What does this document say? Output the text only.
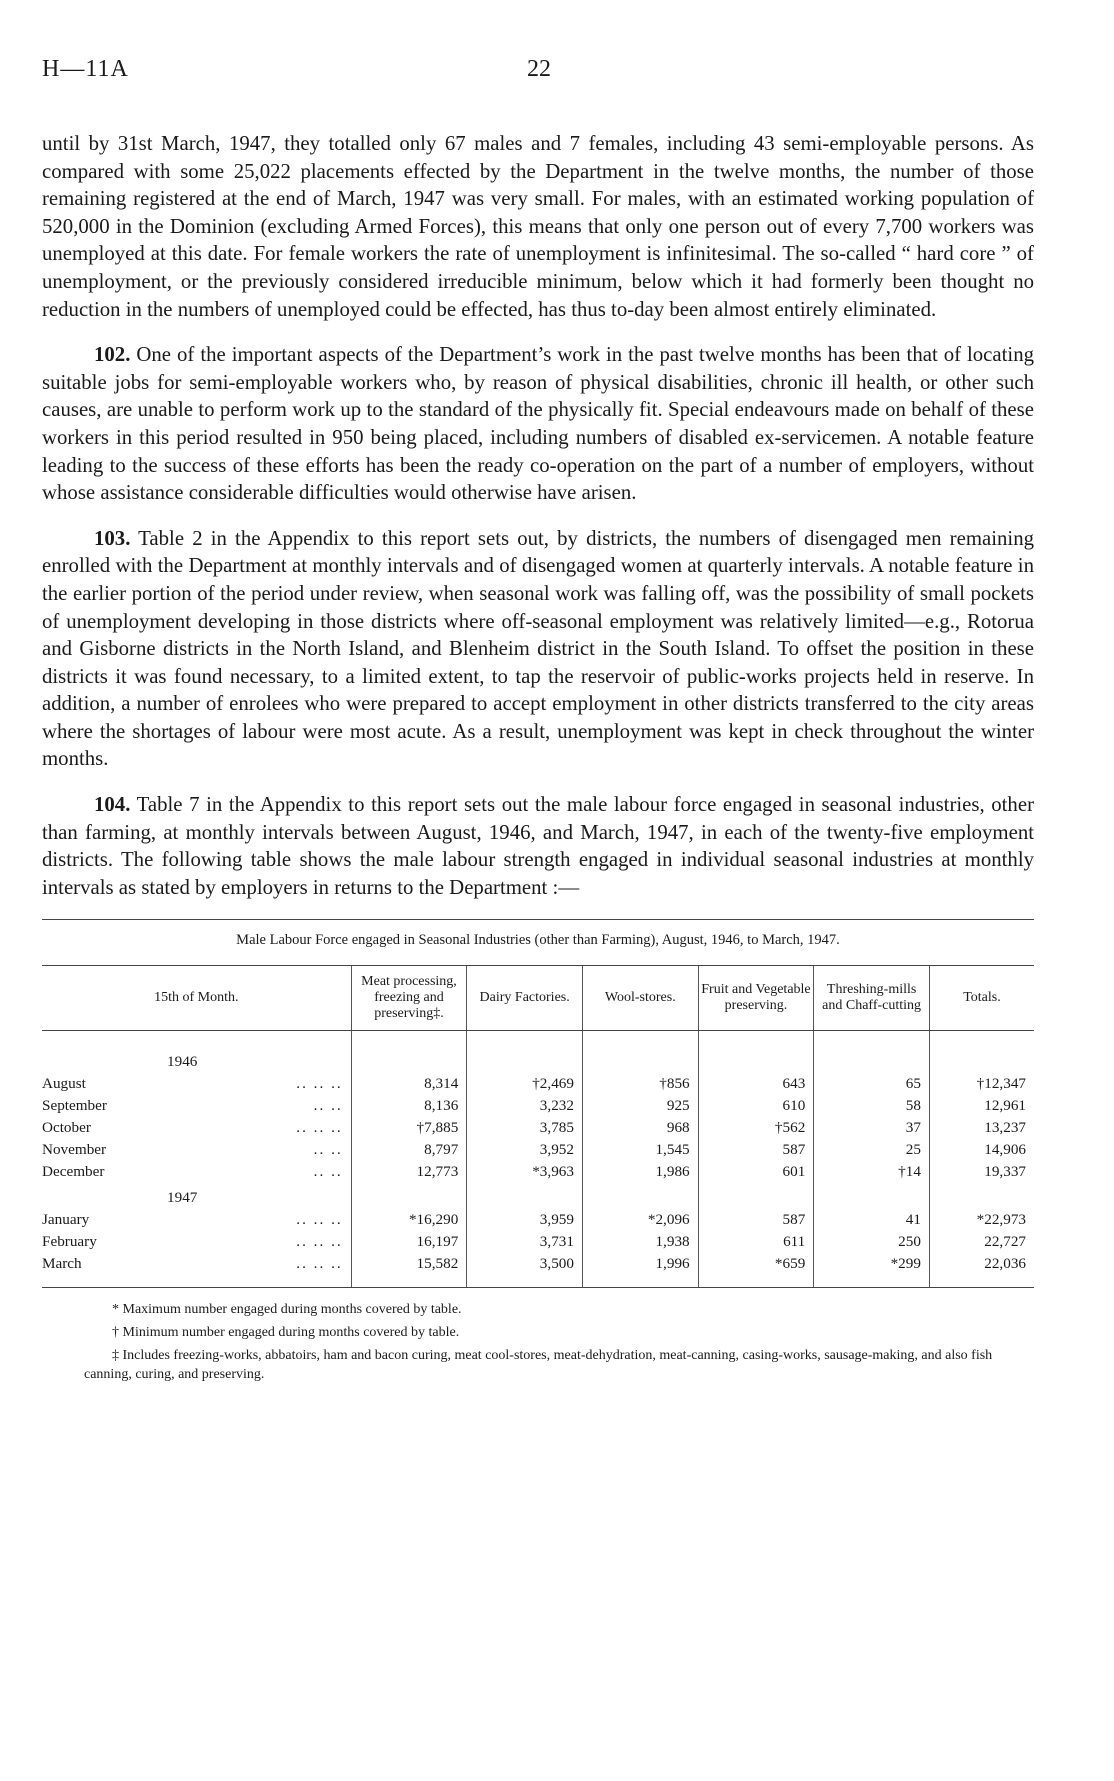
H—11A	22

until by 31st March, 1947, they totalled only 67 males and 7 females, including 43 semi-employable persons. As compared with some 25,022 placements effected by the Department in the twelve months, the number of those remaining registered at the end of March, 1947 was very small. For males, with an estimated working population of 520,000 in the Dominion (excluding Armed Forces), this means that only one person out of every 7,700 workers was unemployed at this date. For female workers the rate of unemployment is infinitesimal. The so-called “ hard core ” of unemployment, or the previously considered irreducible minimum, below which it had formerly been thought no reduction in the numbers of unemployed could be effected, has thus to-day been almost entirely eliminated.

102. One of the important aspects of the Department’s work in the past twelve months has been that of locating suitable jobs for semi-employable workers who, by reason of physical disabilities, chronic ill health, or other such causes, are unable to perform work up to the standard of the physically fit. Special endeavours made on behalf of these workers in this period resulted in 950 being placed, including numbers of disabled ex-servicemen. A notable feature leading to the success of these efforts has been the ready co-operation on the part of a number of employers, without whose assistance considerable difficulties would otherwise have arisen.

103. Table 2 in the Appendix to this report sets out, by districts, the numbers of disengaged men remaining enrolled with the Department at monthly intervals and of disengaged women at quarterly intervals. A notable feature in the earlier portion of the period under review, when seasonal work was falling off, was the possibility of small pockets of unemployment developing in those districts where off-seasonal employment was relatively limited—e.g., Rotorua and Gisborne districts in the North Island, and Blenheim district in the South Island. To offset the position in these districts it was found necessary, to a limited extent, to tap the reservoir of public-works projects held in reserve. In addition, a number of enrolees who were prepared to accept employment in other districts transferred to the city areas where the shortages of labour were most acute. As a result, unemployment was kept in check throughout the winter months.

104. Table 7 in the Appendix to this report sets out the male labour force engaged in seasonal industries, other than farming, at monthly intervals between August, 1946, and March, 1947, in each of the twenty-five employment districts. The following table shows the male labour strength engaged in individual seasonal industries at monthly intervals as stated by employers in returns to the Department :—

Male Labour Force engaged in Seasonal Industries (other than Farming), August, 1946, to March, 1947.
15th of Month.	Meat processing, freezing and preserving‡.	Dairy Factories.	Wool-stores.	Fruit and Vegetable preserving.	Threshing-mills and Chaff-cutting	Totals.
1946						
August .. .. ..	8,314	†2,469	†856	643	65	†12,347
September .. ..	8,136	3,232	925	610	58	12,961
October .. .. ..	†7,885	3,785	968	†562	37	13,237
November .. ..	8,797	3,952	1,545	587	25	14,906
December .. ..	12,773	*3,963	1,986	601	†14	19,337
1947						
January .. .. ..	*16,290	3,959	*2,096	587	41	*22,973
February .. .. ..	16,197	3,731	1,938	611	250	22,727
March .. .. ..	15,582	3,500	1,996	*659	*299	22,036

* Maximum number engaged during months covered by table.

† Minimum number engaged during months covered by table.

‡ Includes freezing-works, abbatoirs, ham and bacon curing, meat cool-stores, meat-dehydration, meat-canning, casing-works, sausage-making, and also fish canning, curing, and preserving.
